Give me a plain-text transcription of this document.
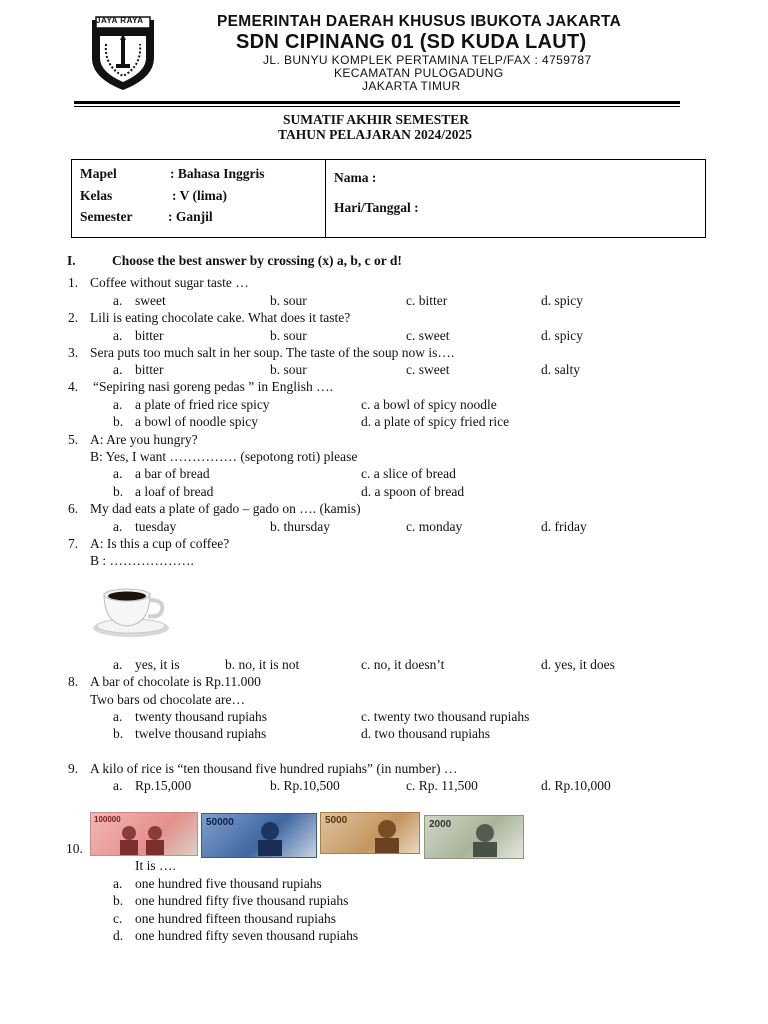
JAYA RAYA	PEMERINTAH DAERAH KHUSUS IBUKOTA JAKARTA
SDN CIPINANG 01 (SD KUDA LAUT)
JL. BUNYU KOMPLEK PERTAMINA TELP/FAX : 4759787
KECAMATAN PULOGADUNG
JAKARTA TIMUR
SUMATIF AKHIR SEMESTER
TAHUN PELAJARAN 2024/2025
Mapel	: Bahasa Inggris
Kelas	: V (lima)
Semester	: Ganjil
Nama :
Hari/Tanggal :
I.	Choose the best answer by crossing (x) a, b, c or d!
1. Coffee without sugar taste …
a. sweet	b. sour	c. bitter	d. spicy
2. Lili is eating chocolate cake. What does it taste?
a. bitter	b. sour	c. sweet	d. spicy
3. Sera puts too much salt in her soup. The taste of the soup now is….
a. bitter	b. sour	c. sweet	d. salty
4. “Sepiring nasi goreng pedas ” in English ….
a. a plate of fried rice spicy	c. a bowl of spicy noodle
b. a bowl of noodle spicy	d. a plate of spicy fried rice
5. A: Are you hungry?
B: Yes, I want …………… (sepotong roti) please
a. a bar of bread	c. a slice of bread
b. a loaf of bread	d. a spoon of bread
6. My dad eats a plate of gado – gado on …. (kamis)
a. tuesday	b. thursday	c. monday	d. friday
7. A: Is this a cup of coffee?
B : ……………….
a. yes, it is	b. no, it is not	c. no, it doesn’t	d. yes, it does
8. A bar of chocolate is Rp.11.000
Two bars od chocolate are…
a. twenty thousand rupiahs	c. twenty two thousand rupiahs
b. twelve thousand rupiahs	d. two thousand rupiahs
9. A kilo of rice is “ten thousand five hundred rupiahs” (in number) …
a. Rp.15,000	b. Rp.10,500	c. Rp. 11,500	d. Rp.10,000
10.
100000	50000	5000	2000
It is ….
a. one hundred five thousand rupiahs
b. one hundred fifty five thousand rupiahs
c. one hundred fifteen thousand rupiahs
d. one hundred fifty seven thousand rupiahs
